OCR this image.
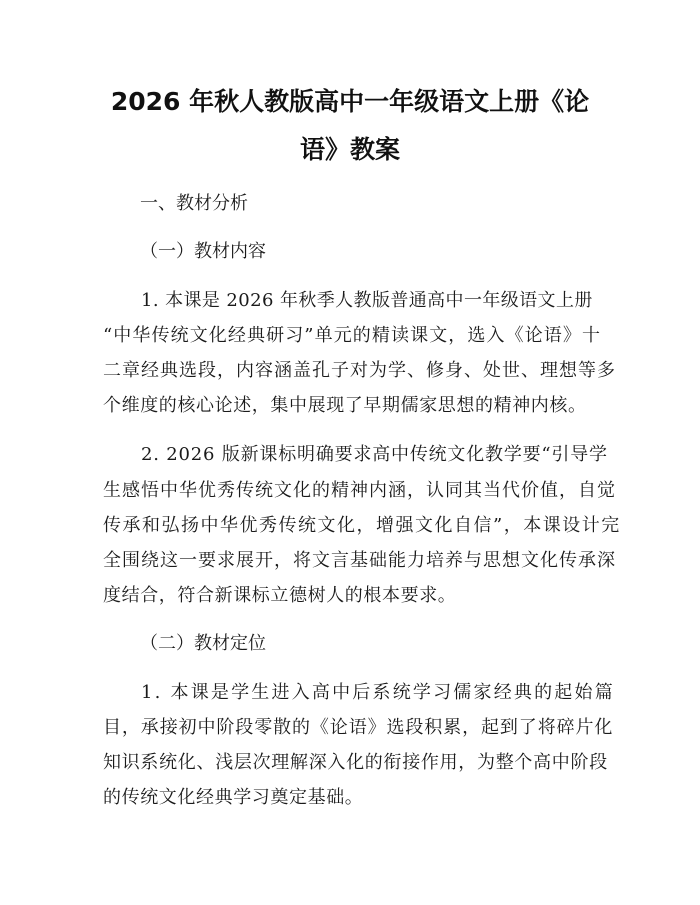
2026 年秋人教版高中一年级语文上册《论
语》教案
一、教材分析
（一）教材内容
1. 本课是 2026 年秋季人教版普通高中一年级语文上册
“中华传统文化经典研习”单元的精读课文，选入《论语》十
二章经典选段，内容涵盖孔子对为学、修身、处世、理想等多
个维度的核心论述，集中展现了早期儒家思想的精神内核。
2. 2026 版新课标明确要求高中传统文化教学要“引导学
生感悟中华优秀传统文化的精神内涵，认同其当代价值，自觉
传承和弘扬中华优秀传统文化，增强文化自信”，本课设计完
全围绕这一要求展开，将文言基础能力培养与思想文化传承深
度结合，符合新课标立德树人的根本要求。
（二）教材定位
1. 本课是学生进入高中后系统学习儒家经典的起始篇
目，承接初中阶段零散的《论语》选段积累，起到了将碎片化
知识系统化、浅层次理解深入化的衔接作用，为整个高中阶段
的传统文化经典学习奠定基础。
